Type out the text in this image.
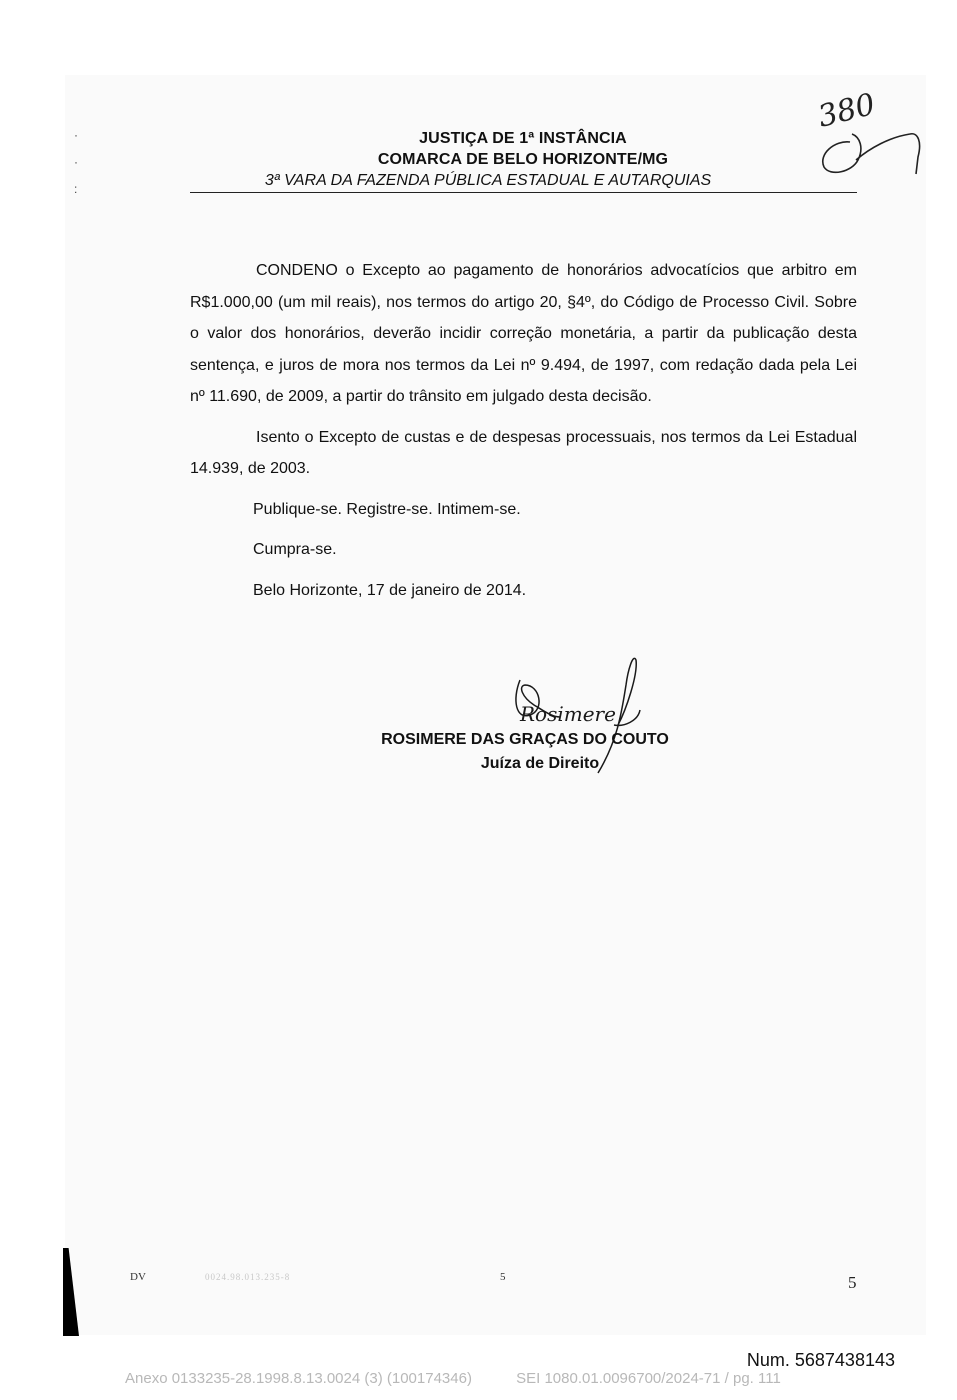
·
·
:
JUSTIÇA DE 1ª INSTÂNCIA
COMARCA DE BELO HORIZONTE/MG
3ª VARA DA FAZENDA PÚBLICA ESTADUAL E AUTARQUIAS
380

CONDENO o Excepto ao pagamento de honorários advocatícios que arbitro em R$1.000,00 (um mil reais), nos termos do artigo 20, §4º, do Código de Processo Civil. Sobre o valor dos honorários, deverão incidir correção monetária, a partir da publicação desta sentença, e juros de mora nos termos da Lei nº 9.494, de 1997, com redação dada pela Lei nº 11.690, de 2009, a partir do trânsito em julgado desta decisão.

Isento o Excepto de custas e de despesas processuais, nos termos da Lei Estadual 14.939, de 2003.

Publique-se. Registre-se. Intimem-se.

Cumpra-se.

Belo Horizonte, 17 de janeiro de 2014.

Rosimere
ROSIMERE DAS GRAÇAS DO COUTO
Juíza de Direito
DV	0024.98.013.235-8	5	5
Num. 5687438143
Anexo 0133235-28.1998.8.13.0024 (3) (100174346)	SEI 1080.01.0096700/2024-71 / pg. 111
